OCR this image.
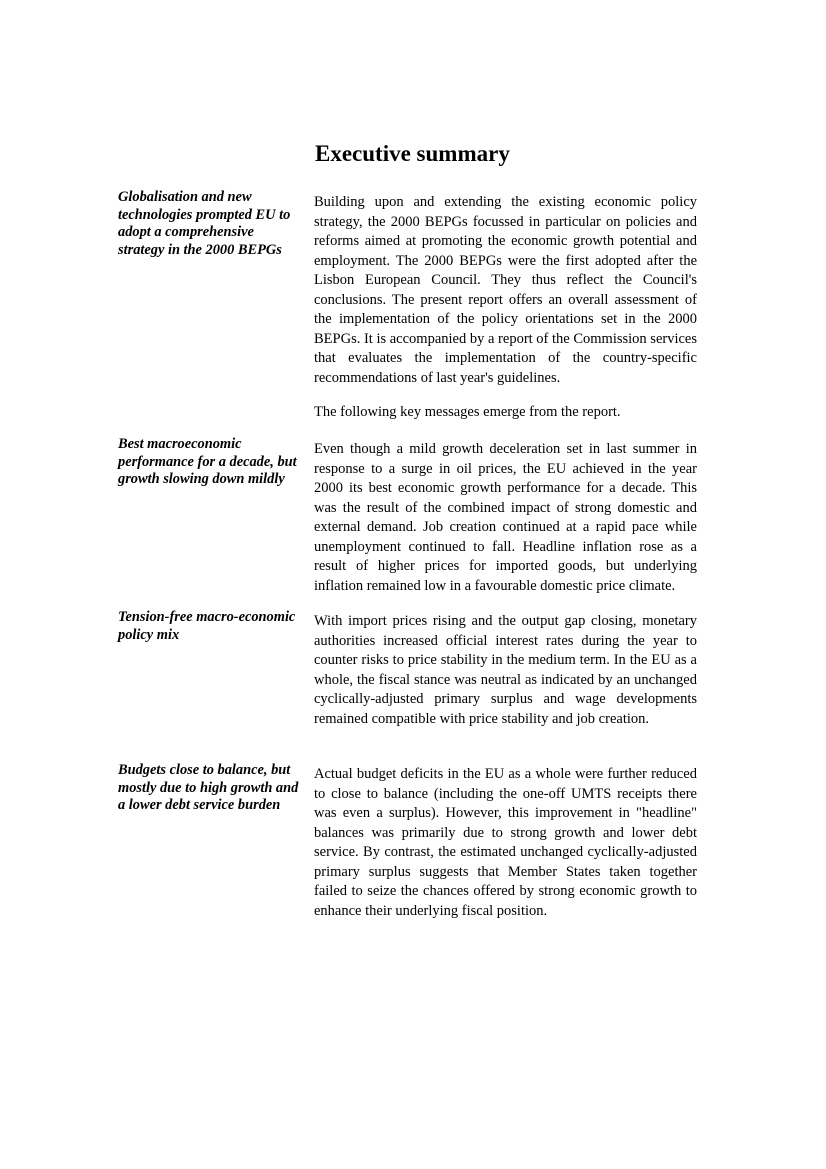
Executive summary

Globalisation and new technologies prompted EU to adopt a comprehensive strategy in the 2000 BEPGs

Building upon and extending the existing economic policy strategy, the 2000 BEPGs focussed in particular on policies and reforms aimed at promoting the economic growth potential and employment. The 2000 BEPGs were the first adopted after the Lisbon European Council. They thus reflect the Council's conclusions. The present report offers an overall assessment of the implementation of the policy orientations set in the 2000 BEPGs. It is accompanied by a report of the Commission services that evaluates the implementation of the country-specific recommendations of last year's guidelines.

The following key messages emerge from the report.

Best macroeconomic performance for a decade, but growth slowing down mildly

Even though a mild growth deceleration set in last summer in response to a surge in oil prices, the EU achieved in the year 2000 its best economic growth performance for a decade. This was the result of the combined impact of strong domestic and external demand. Job creation continued at a rapid pace while unemployment continued to fall. Headline inflation rose as a result of higher prices for imported goods, but underlying inflation remained low in a favourable domestic price climate.

Tension-free macro-economic policy mix

With import prices rising and the output gap closing, monetary authorities increased official interest rates during the year to counter risks to price stability in the medium term. In the EU as a whole, the fiscal stance was neutral as indicated by an unchanged cyclically-adjusted primary surplus and wage developments remained compatible with price stability and job creation.

Budgets close to balance, but mostly due to high growth and a lower debt service burden

Actual budget deficits in the EU as a whole were further reduced to close to balance (including the one-off UMTS receipts there was even a surplus). However, this improvement in "headline" balances was primarily due to strong growth and lower debt service. By contrast, the estimated unchanged cyclically-adjusted primary surplus suggests that Member States taken together failed to seize the chances offered by strong economic growth to enhance their underlying fiscal position.
